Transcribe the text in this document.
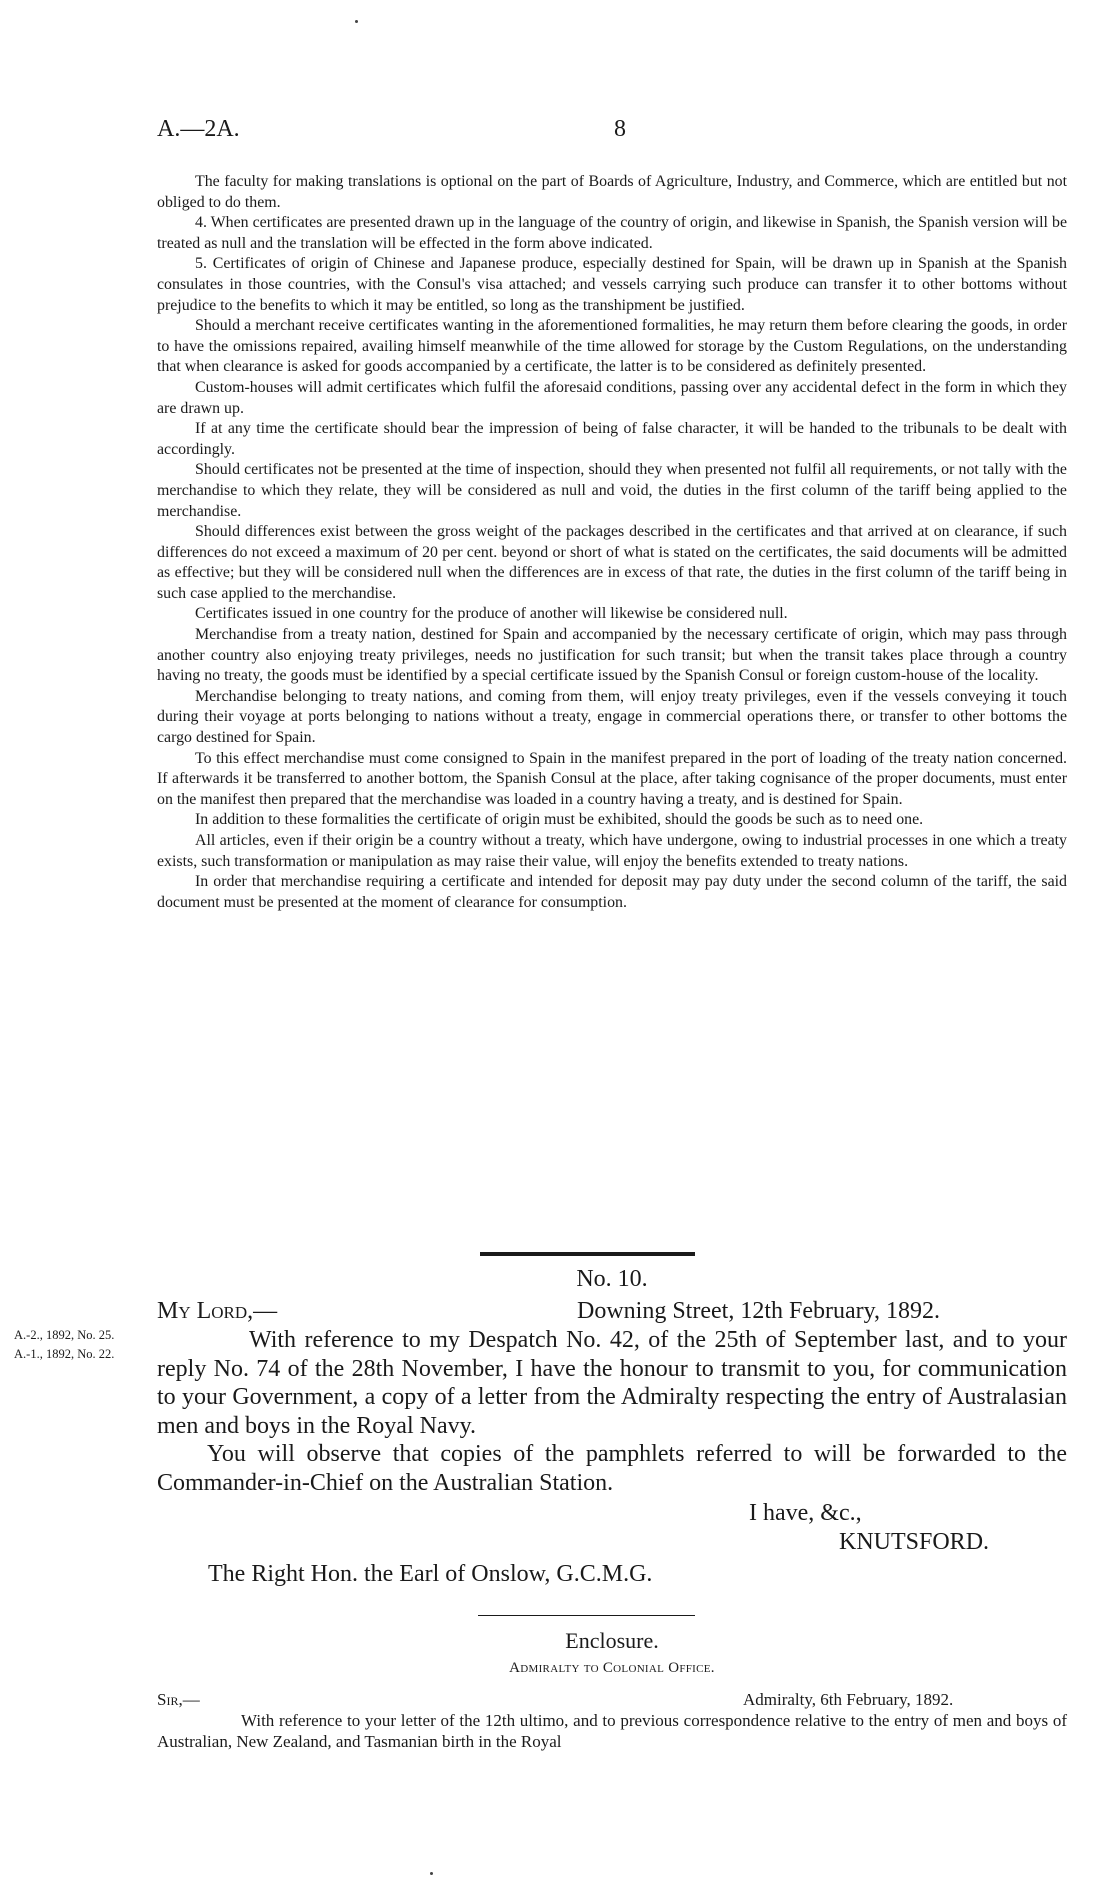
A.—2A.	8

The faculty for making translations is optional on the part of Boards of Agriculture, Industry, and Commerce, which are entitled but not obliged to do them.

4. When certificates are presented drawn up in the language of the country of origin, and likewise in Spanish, the Spanish version will be treated as null and the translation will be effected in the form above indicated.

5. Certificates of origin of Chinese and Japanese produce, especially destined for Spain, will be drawn up in Spanish at the Spanish consulates in those countries, with the Consul's visa attached; and vessels carrying such produce can transfer it to other bottoms without prejudice to the benefits to which it may be entitled, so long as the transhipment be justified.

Should a merchant receive certificates wanting in the aforementioned formalities, he may return them before clearing the goods, in order to have the omissions repaired, availing himself meanwhile of the time allowed for storage by the Custom Regulations, on the understanding that when clearance is asked for goods accompanied by a certificate, the latter is to be considered as definitely presented.

Custom-houses will admit certificates which fulfil the aforesaid conditions, passing over any accidental defect in the form in which they are drawn up.

If at any time the certificate should bear the impression of being of false character, it will be handed to the tribunals to be dealt with accordingly.

Should certificates not be presented at the time of inspection, should they when presented not fulfil all requirements, or not tally with the merchandise to which they relate, they will be considered as null and void, the duties in the first column of the tariff being applied to the merchandise.

Should differences exist between the gross weight of the packages described in the certificates and that arrived at on clearance, if such differences do not exceed a maximum of 20 per cent. beyond or short of what is stated on the certificates, the said documents will be admitted as effective; but they will be considered null when the differences are in excess of that rate, the duties in the first column of the tariff being in such case applied to the merchandise.

Certificates issued in one country for the produce of another will likewise be considered null.

Merchandise from a treaty nation, destined for Spain and accompanied by the necessary certificate of origin, which may pass through another country also enjoying treaty privileges, needs no justification for such transit; but when the transit takes place through a country having no treaty, the goods must be identified by a special certificate issued by the Spanish Consul or foreign custom-house of the locality.

Merchandise belonging to treaty nations, and coming from them, will enjoy treaty privileges, even if the vessels conveying it touch during their voyage at ports belonging to nations without a treaty, engage in commercial operations there, or transfer to other bottoms the cargo destined for Spain.

To this effect merchandise must come consigned to Spain in the manifest prepared in the port of loading of the treaty nation concerned. If afterwards it be transferred to another bottom, the Spanish Consul at the place, after taking cognisance of the proper documents, must enter on the manifest then prepared that the merchandise was loaded in a country having a treaty, and is destined for Spain.

In addition to these formalities the certificate of origin must be exhibited, should the goods be such as to need one.

All articles, even if their origin be a country without a treaty, which have undergone, owing to industrial processes in one which a treaty exists, such transformation or manipulation as may raise their value, will enjoy the benefits extended to treaty nations.

In order that merchandise requiring a certificate and intended for deposit may pay duty under the second column of the tariff, the said document must be presented at the moment of clearance for consumption.

No. 10.
My Lord,—	Downing Street, 12th February, 1892.
A.-2., 1892, No. 25.
A.-1., 1892, No. 22.

With reference to my Despatch No. 42, of the 25th of September last, and to your reply No. 74 of the 28th November, I have the honour to transmit to you, for communication to your Government, a copy of a letter from the Admiralty respecting the entry of Australasian men and boys in the Royal Navy.

You will observe that copies of the pamphlets referred to will be forwarded to the Commander-in-Chief on the Australian Station.

I have, &c.,
KNUTSFORD.
The Right Hon. the Earl of Onslow, G.C.M.G.
Enclosure.
Admiralty to Colonial Office.
Sir,—	Admiralty, 6th February, 1892.

With reference to your letter of the 12th ultimo, and to previous correspondence relative to the entry of men and boys of Australian, New Zealand, and Tasmanian birth in the Royal
